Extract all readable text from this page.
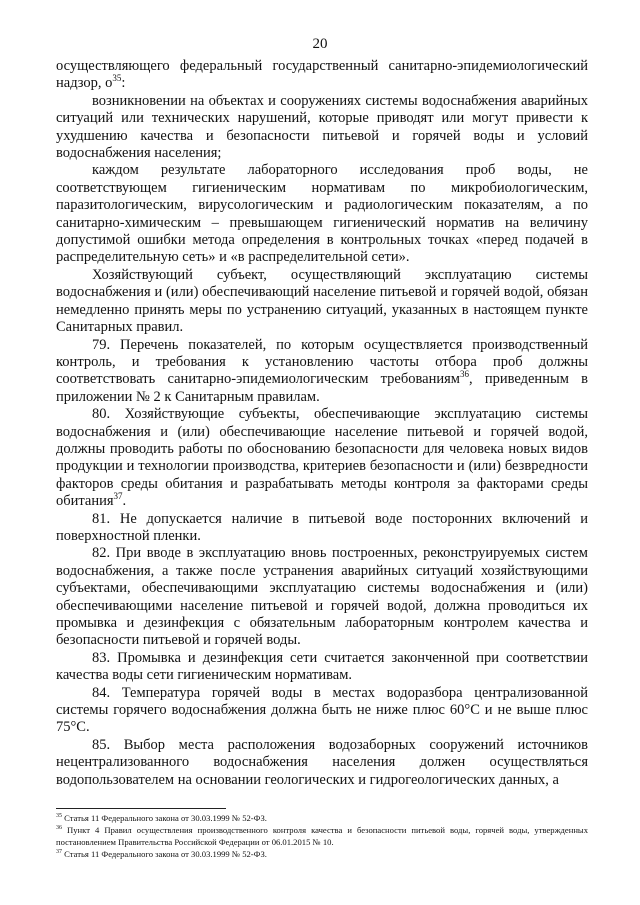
20

осуществляющего федеральный государственный санитарно-эпидемиологический надзор, $о^{35}$:

возникновении на объектах и сооружениях системы водоснабжения аварийных ситуаций или технических нарушений, которые приводят или могут привести к ухудшению качества и безопасности питьевой и горячей воды и условий водоснабжения населения;

каждом результате лабораторного исследования проб воды, не соответствующем гигиеническим нормативам по микробиологическим, паразитологическим, вирусологическим и радиологическим показателям, а по санитарно-химическим – превышающем гигиенический норматив на величину допустимой ошибки метода определения в контрольных точках «перед подачей в распределительную сеть» и «в распределительной сети».

Хозяйствующий субъект, осуществляющий эксплуатацию системы водоснабжения и (или) обеспечивающий население питьевой и горячей водой, обязан немедленно принять меры по устранению ситуаций, указанных в настоящем пункте Санитарных правил.

79. Перечень показателей, по которым осуществляется производственный контроль, и требования к установлению частоты отбора проб должны соответствовать санитарно-эпидемиологическим требованиям$^{36}$, приведенным в приложении № 2 к Санитарным правилам.

80. Хозяйствующие субъекты, обеспечивающие эксплуатацию системы водоснабжения и (или) обеспечивающие население питьевой и горячей водой, должны проводить работы по обоснованию безопасности для человека новых видов продукции и технологии производства, критериев безопасности и (или) безвредности факторов среды обитания и разрабатывать методы контроля за факторами среды обитания$^{37}$.

81. Не допускается наличие в питьевой воде посторонних включений и поверхностной пленки.

82. При вводе в эксплуатацию вновь построенных, реконструируемых систем водоснабжения, а также после устранения аварийных ситуаций хозяйствующими субъектами, обеспечивающими эксплуатацию системы водоснабжения и (или) обеспечивающими население питьевой и горячей водой, должна проводиться их промывка и дезинфекция с обязательным лабораторным контролем качества и безопасности питьевой и горячей воды.

83. Промывка и дезинфекция сети считается законченной при соответствии качества воды сети гигиеническим нормативам.

84. Температура горячей воды в местах водоразбора централизованной системы горячего водоснабжения должна быть не ниже плюс 60°С и не выше плюс 75°С.

85. Выбор места расположения водозаборных сооружений источников нецентрализованного водоснабжения населения должен осуществляться водопользователем на основании геологических и гидрогеологических данных, а

$^{35}$ Статья 11 Федерального закона от 30.03.1999 № 52-ФЗ.

$^{36}$ Пункт 4 Правил осуществления производственного контроля качества и безопасности питьевой воды, горячей воды, утвержденных постановлением Правительства Российской Федерации от 06.01.2015 № 10.

$^{37}$ Статья 11 Федерального закона от 30.03.1999 № 52-ФЗ.
